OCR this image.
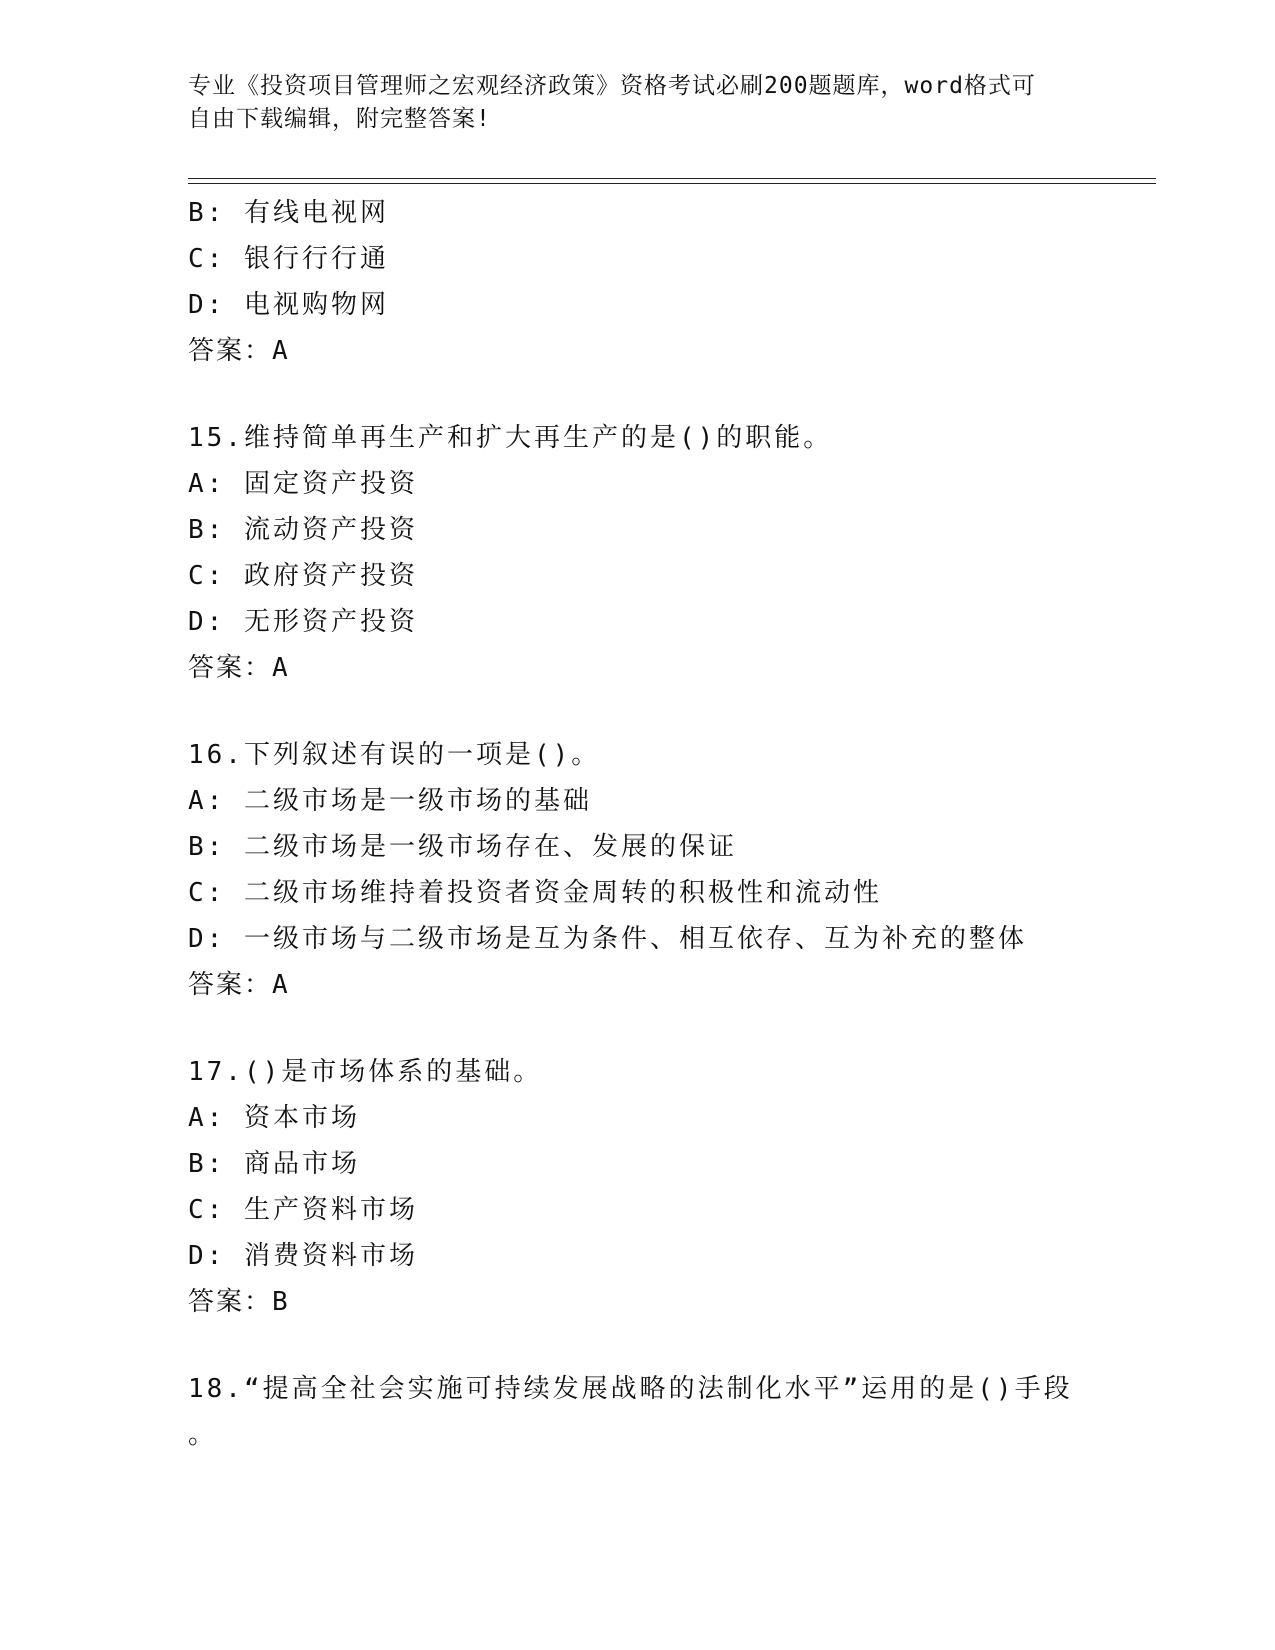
专业《投资项目管理师之宏观经济政策》资格考试必刷200题题库，word格式可
自由下载编辑，附完整答案!
B: 有线电视网
C: 银行行行通
D: 电视购物网
答案：A
15.维持简单再生产和扩大再生产的是()的职能。
A: 固定资产投资
B: 流动资产投资
C: 政府资产投资
D: 无形资产投资
答案：A
16.下列叙述有误的一项是()。
A: 二级市场是一级市场的基础
B: 二级市场是一级市场存在、发展的保证
C: 二级市场维持着投资者资金周转的积极性和流动性
D: 一级市场与二级市场是互为条件、相互依存、互为补充的整体
答案：A
17.()是市场体系的基础。
A: 资本市场
B: 商品市场
C: 生产资料市场
D: 消费资料市场
答案：B
18.“提高全社会实施可持续发展战略的法制化水平”运用的是()手段
。
